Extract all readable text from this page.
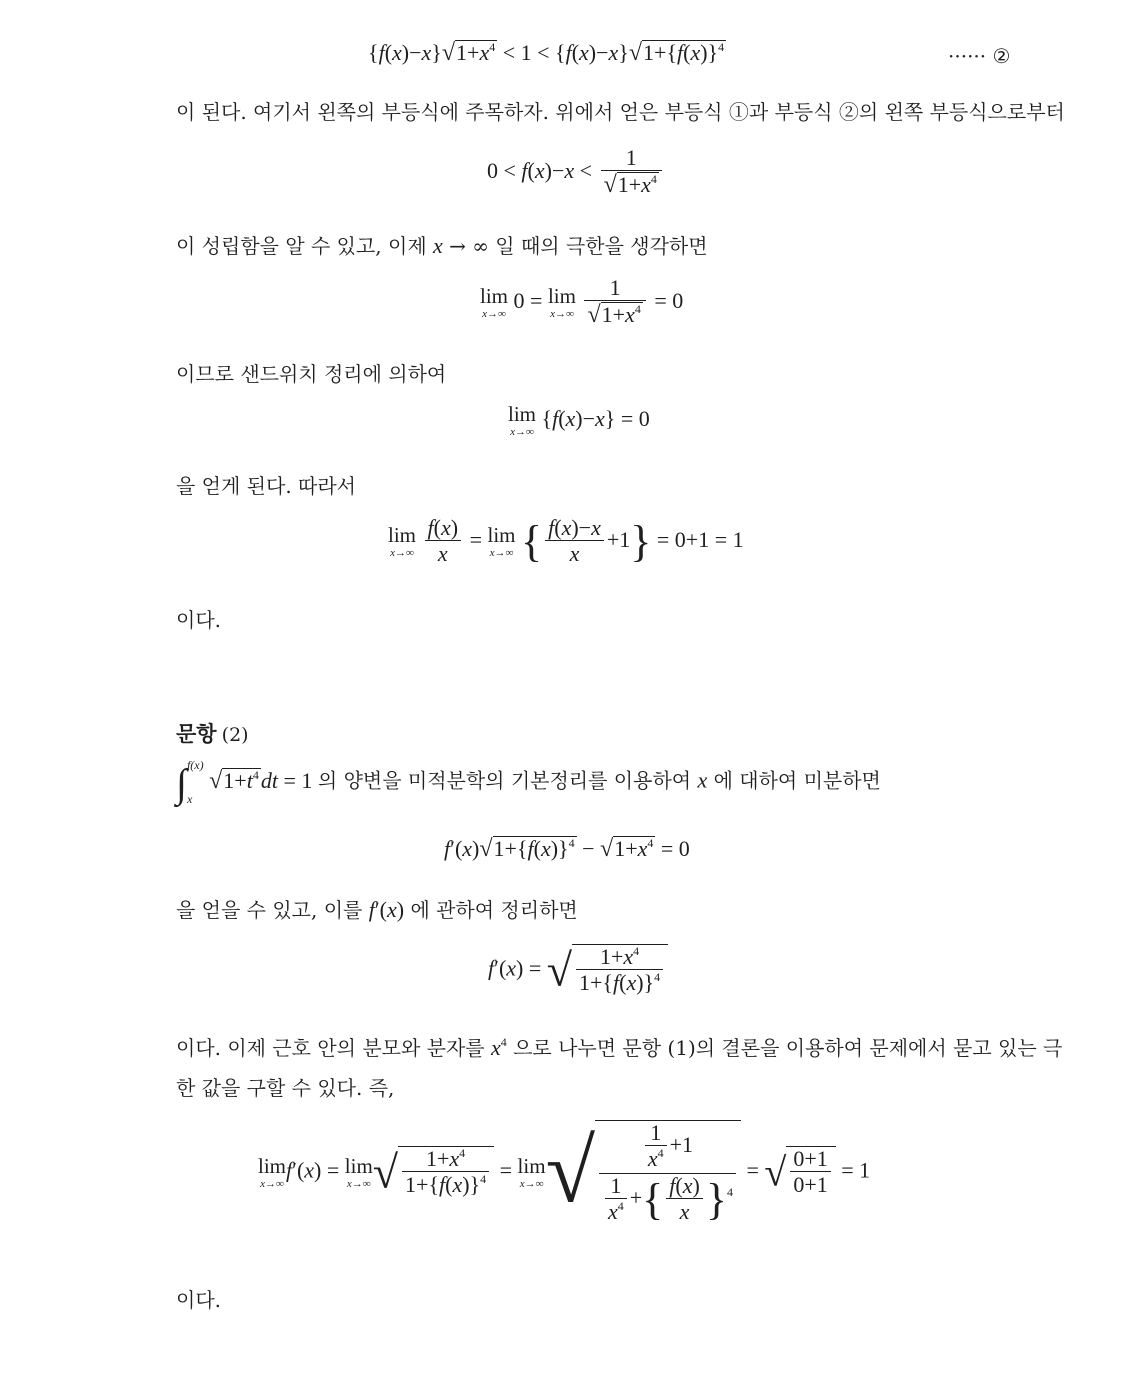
$\{f(x)-x\}√1+x^4 < 1 < \{f(x)-x\}√1+\{f(x)\}^4$	······ ②
이 된다. 여기서 왼쪽의 부등식에 주목하자. 위에서 얻은 부등식 ①과 부등식 ②의 왼쪽 부등식으로부터
$0 < f(x)-x < \frac{1}{√1+x^4}$
이 성립함을 알 수 있고, 이제 x → ∞ 일 때의 극한을 생각하면
lim
x→∞
0 = lim
x→∞
$\frac{1}{√1+x^4} = 0$
이므로 샌드위치 정리에 의하여
lim
x→∞
{f(x)−x} = 0
을 얻게 된다. 따라서
lim
x→∞
$\frac{f(x)}{x} = \lim$
x→∞ { $\frac{f(x)-x}{x} +1\} = 0+1 = 1$
이다.
문항 (2)
∫ f(x)
x
$√1+t^4dt = 1$ 의 양변을 미적분학의 기본정리를 이용하여 x 에 대하여 미분하면
$f'(x)√1+\{f(x)\}^4 - √1+x^4 = 0$
을 얻을 수 있고, 이를 f′(x) 에 관하여 정리하면
f′(x) = √ $\frac{1+x^4}{1+\{f(x)\}^4}$
이다. 이제 근호 안의 분모와 분자를 $x^4$ 으로 나누면 문항 (1)의 결론을 이용하여 문제에서 묻고 있는 극
한 값을 구할 수 있다. 즉,
lim
x→∞
f′(x) = lim
x→∞ √ $\frac{1+x^4}{1+\{f(x)\}^4} = \lim$
x→∞ √ $\frac{\frac{1}{x^4} +1}{\frac{1}{x^4} +\{ \frac{f(x)}{x} \}^4}$ = √ $\frac{0+1}{0+1} = 1$
이다.
